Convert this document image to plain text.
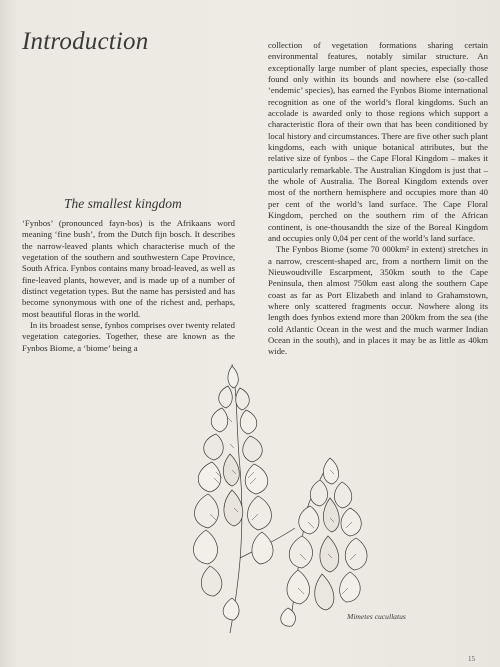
Introduction
The smallest kingdom

‘Fynbos’ (pronounced fayn-bos) is the Afrikaans word meaning ‘fine bush’, from the Dutch fijn bosch. It describes the narrow-leaved plants which characterise much of the vegetation of the southern and southwestern Cape Province, South Africa. Fynbos contains many broad-leaved, as well as fine-leaved plants, however, and is made up of a number of distinct vegetation types. But the name has persisted and has become synonymous with one of the richest and, perhaps, most beautiful floras in the world.

In its broadest sense, fynbos comprises over twenty related vegetation categories. Together, these are known as the Fynbos Biome, a ‘biome’ being a

collection of vegetation formations sharing certain environmental features, notably similar structure. An exceptionally large number of plant species, especially those found only within its bounds and nowhere else (so-called ‘endemic’ species), has earned the Fynbos Biome international recognition as one of the world’s floral kingdoms. Such an accolade is awarded only to those regions which support a characteristic flora of their own that has been conditioned by local history and circumstances. There are five other such plant kingdoms, each with unique botanical attributes, but the relative size of fynbos – the Cape Floral Kingdom – makes it particularly remarkable. The Australian Kingdom is just that – the whole of Australia. The Boreal Kingdom extends over most of the northern hemisphere and occupies more than 40 per cent of the world’s land surface. The Cape Floral Kingdom, perched on the southern rim of the African continent, is one-thousandth the size of the Boreal Kingdom and occupies only 0,04 per cent of the world’s land surface.

The Fynbos Biome (some 70 000km² in extent) stretches in a narrow, crescent-shaped arc, from a northern limit on the Nieuwoudtville Escarpment, 350km south to the Cape Peninsula, then almost 750km east along the southern Cape coast as far as Port Elizabeth and inland to Grahamstown, where only scattered fragments occur. Nowhere along its length does fynbos extend more than 200km from the sea (the cold Atlantic Ocean in the west and the much warmer Indian Ocean in the south), and in places it may be as little as 40km wide.

Mimetes cucullatus
15
